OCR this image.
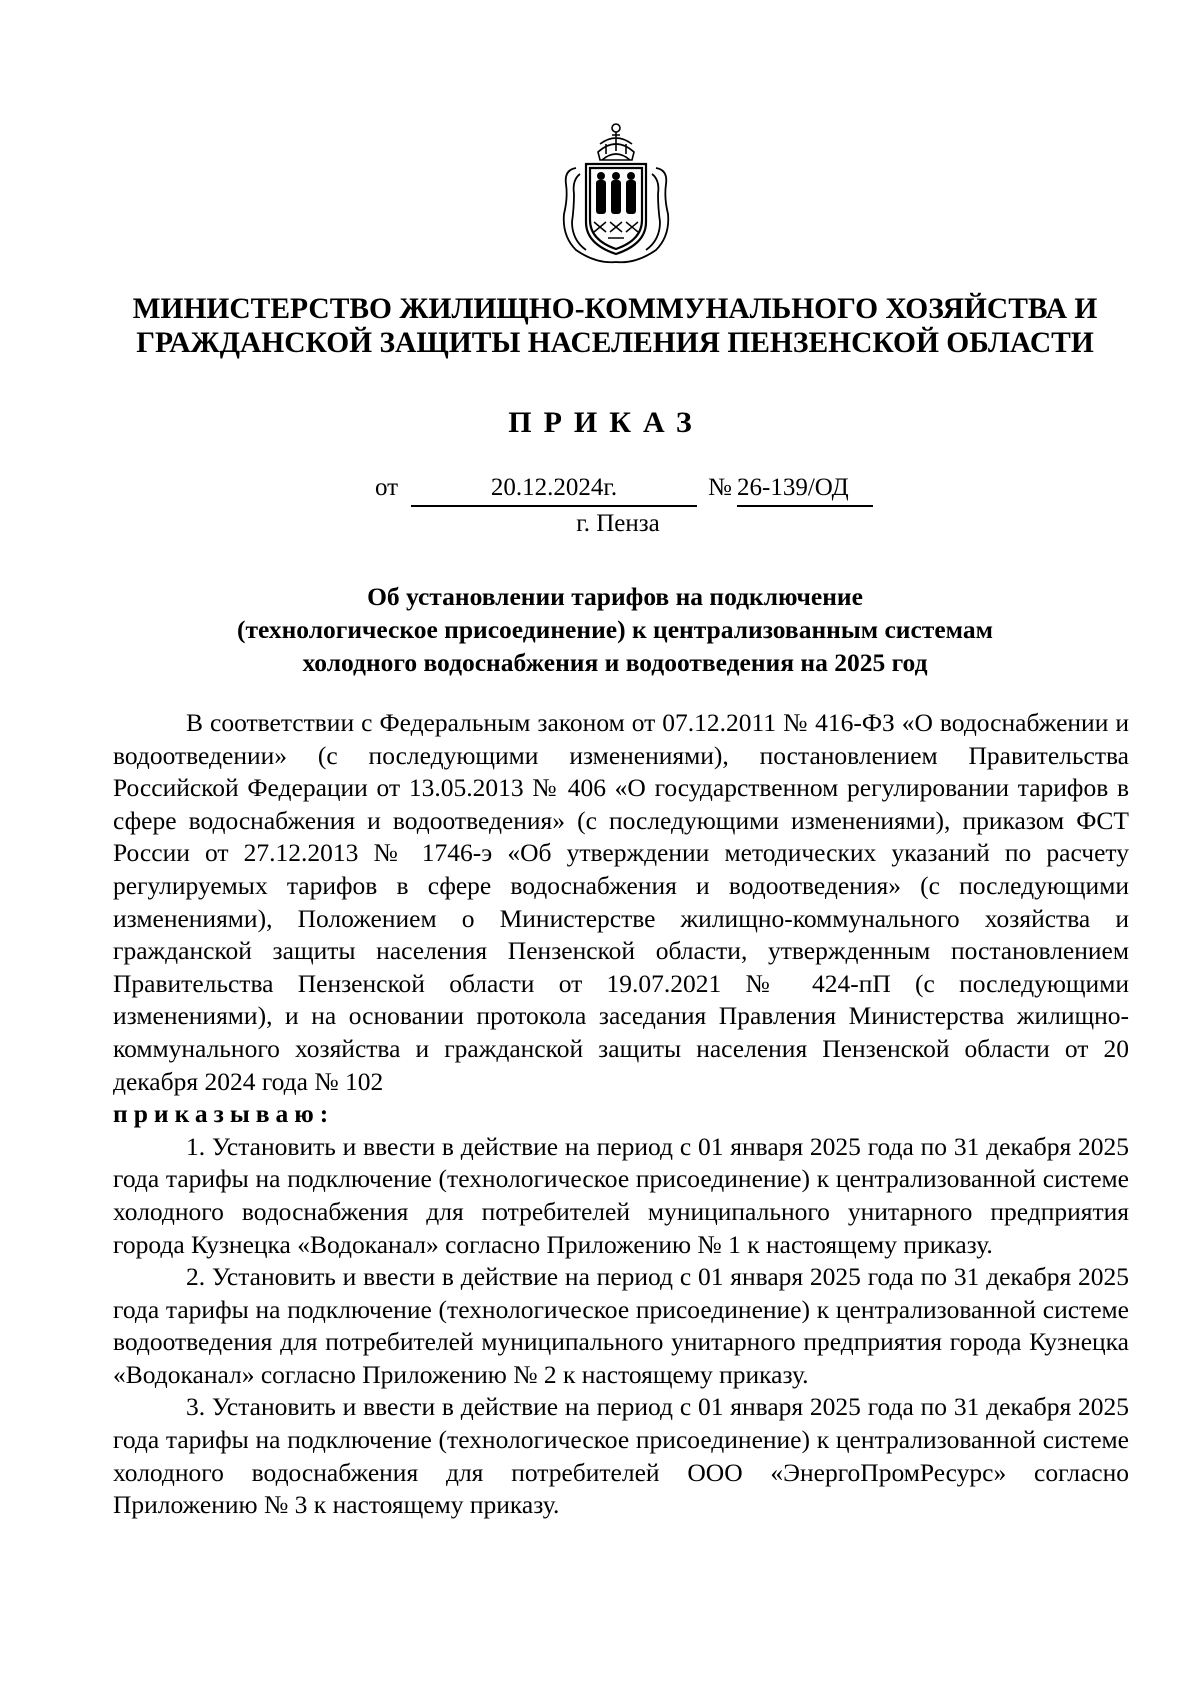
МИНИСТЕРСТВО ЖИЛИЩНО-КОММУНАЛЬНОГО ХОЗЯЙСТВА И
ГРАЖДАНСКОЙ ЗАЩИТЫ НАСЕЛЕНИЯ ПЕНЗЕНСКОЙ ОБЛАСТИ
ПРИКАЗ
от	20.12.2024г.	№ 26-139/ОД
г. Пенза
Об установлении тарифов на подключение
(технологическое присоединение) к централизованным системам
холодного водоснабжения и водоотведения на 2025 год

В соответствии с Федеральным законом от 07.12.2011 № 416-ФЗ «О водоснабжении и водоотведении» (с последующими изменениями), постановлением Правительства Российской Федерации от 13.05.2013 № 406 «О государственном регулировании тарифов в сфере водоснабжения и водоотведения» (с последующими изменениями), приказом ФСТ России от 27.12.2013 № 1746-э «Об утверждении методических указаний по расчету регулируемых тарифов в сфере водоснабжения и водоотведения» (с последующими изменениями), Положением о Министерстве жилищно-коммунального хозяйства и гражданской защиты населения Пензенской области, утвержденным постановлением Правительства Пензенской области от 19.07.2021 № 424-пП (с последующими изменениями), и на основании протокола заседания Правления Министерства жилищно-коммунального хозяйства и гражданской защиты населения Пензенской области от 20 декабря 2024 года № 102

приказываю:

1. Установить и ввести в действие на период с 01 января 2025 года по 31 декабря 2025 года тарифы на подключение (технологическое присоединение) к централизованной системе холодного водоснабжения для потребителей муниципального унитарного предприятия города Кузнецка «Водоканал» согласно Приложению № 1 к настоящему приказу.

2. Установить и ввести в действие на период с 01 января 2025 года по 31 декабря 2025 года тарифы на подключение (технологическое присоединение) к централизованной системе водоотведения для потребителей муниципального унитарного предприятия города Кузнецка «Водоканал» согласно Приложению № 2 к настоящему приказу.

3. Установить и ввести в действие на период с 01 января 2025 года по 31 декабря 2025 года тарифы на подключение (технологическое присоединение) к централизованной системе холодного водоснабжения для потребителей ООО «ЭнергоПромРесурс» согласно Приложению № 3 к настоящему приказу.
